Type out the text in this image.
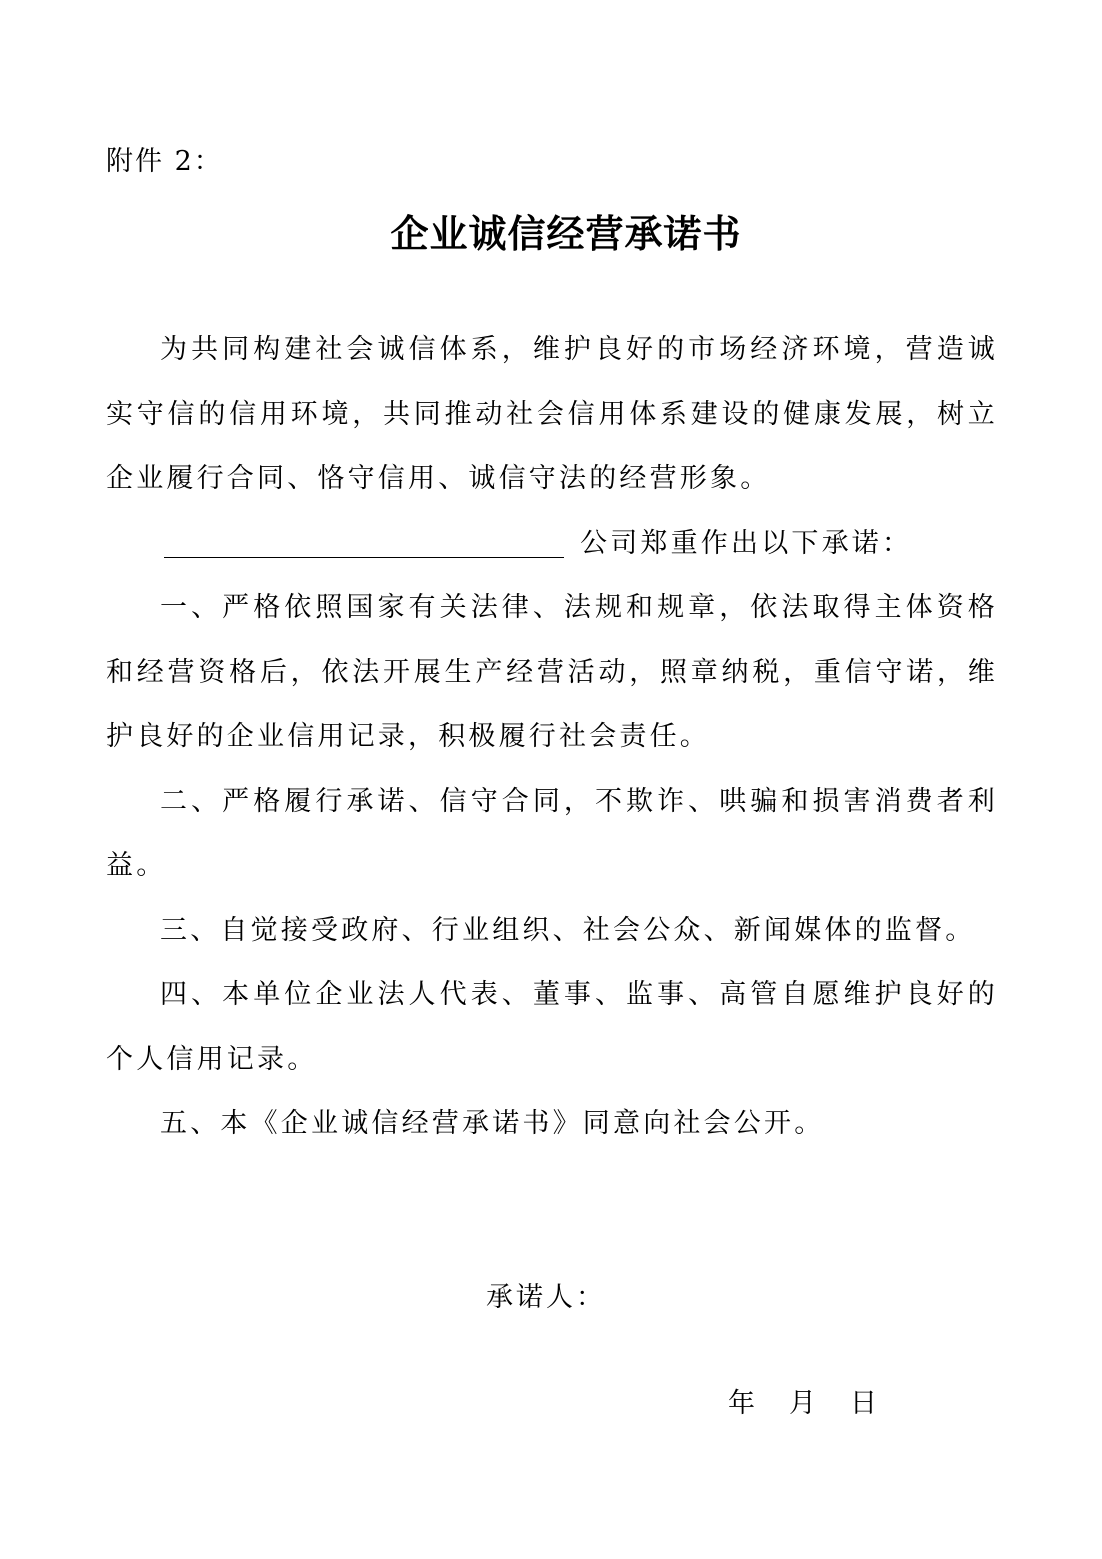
附件 2：
企业诚信经营承诺书

为共同构建社会诚信体系，维护良好的市场经济环境，营造诚实守信的信用环境，共同推动社会信用体系建设的健康发展，树立企业履行合同、恪守信用、诚信守法的经营形象。

公司郑重作出以下承诺：

一、严格依照国家有关法律、法规和规章，依法取得主体资格和经营资格后，依法开展生产经营活动，照章纳税，重信守诺，维护良好的企业信用记录，积极履行社会责任。

二、严格履行承诺、信守合同，不欺诈、哄骗和损害消费者利益。

三、自觉接受政府、行业组织、社会公众、新闻媒体的监督。

四、本单位企业法人代表、董事、监事、高管自愿维护良好的个人信用记录。

五、本《企业诚信经营承诺书》同意向社会公开。

承诺人：
年 月 日
